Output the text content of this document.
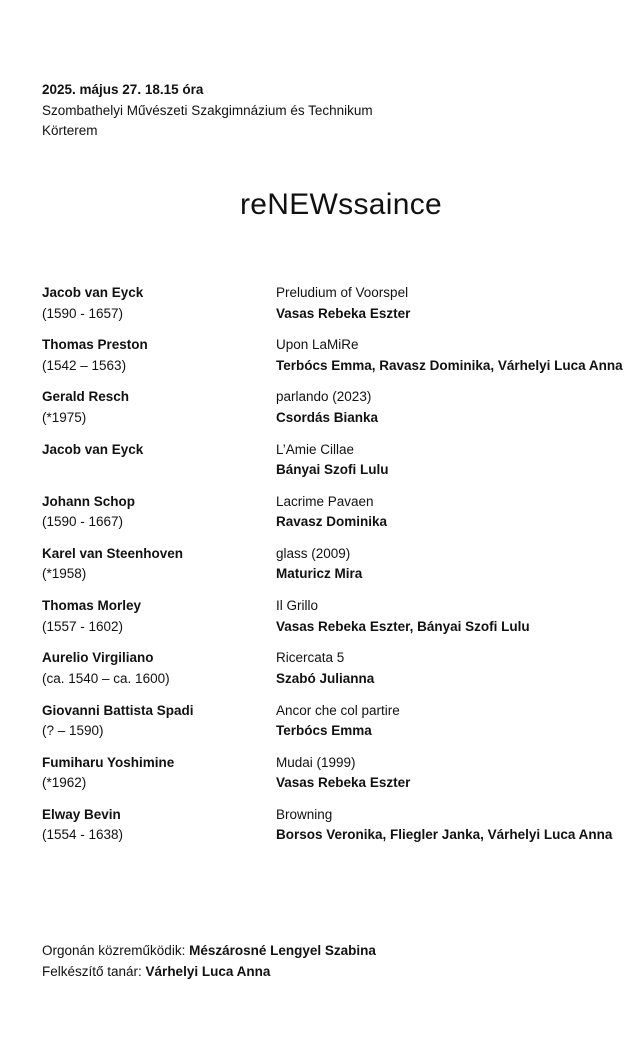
2025. május 27. 18.15 óra
Szombathelyi Művészeti Szakgimnázium és Technikum
Körterem
reNEWssaince
Jacob van Eyck
(1590 - 1657)
Preludium of Voorspel
Vasas Rebeka Eszter
Thomas Preston
(1542 – 1563)
Upon LaMiRe
Terbócs Emma, Ravasz Dominika, Várhelyi Luca Anna
Gerald Resch
(*1975)
parlando (2023)
Csordás Bianka
Jacob van Eyck	L’Amie Cillae
Bányai Szofi Lulu
Johann Schop
(1590 - 1667)
Lacrime Pavaen
Ravasz Dominika
Karel van Steenhoven
(*1958)
glass (2009)
Maturicz Mira
Thomas Morley
(1557 - 1602)
Il Grillo
Vasas Rebeka Eszter, Bányai Szofi Lulu
Aurelio Virgiliano
(ca. 1540 – ca. 1600)
Ricercata 5
Szabó Julianna
Giovanni Battista Spadi
(? – 1590)
Ancor che col partire
Terbócs Emma
Fumiharu Yoshimine
(*1962)
Mudai (1999)
Vasas Rebeka Eszter
Elway Bevin
(1554 - 1638)
Browning
Borsos Veronika, Fliegler Janka, Várhelyi Luca Anna
Orgonán közreműködik: Mészárosné Lengyel Szabina
Felkészítő tanár: Várhelyi Luca Anna
